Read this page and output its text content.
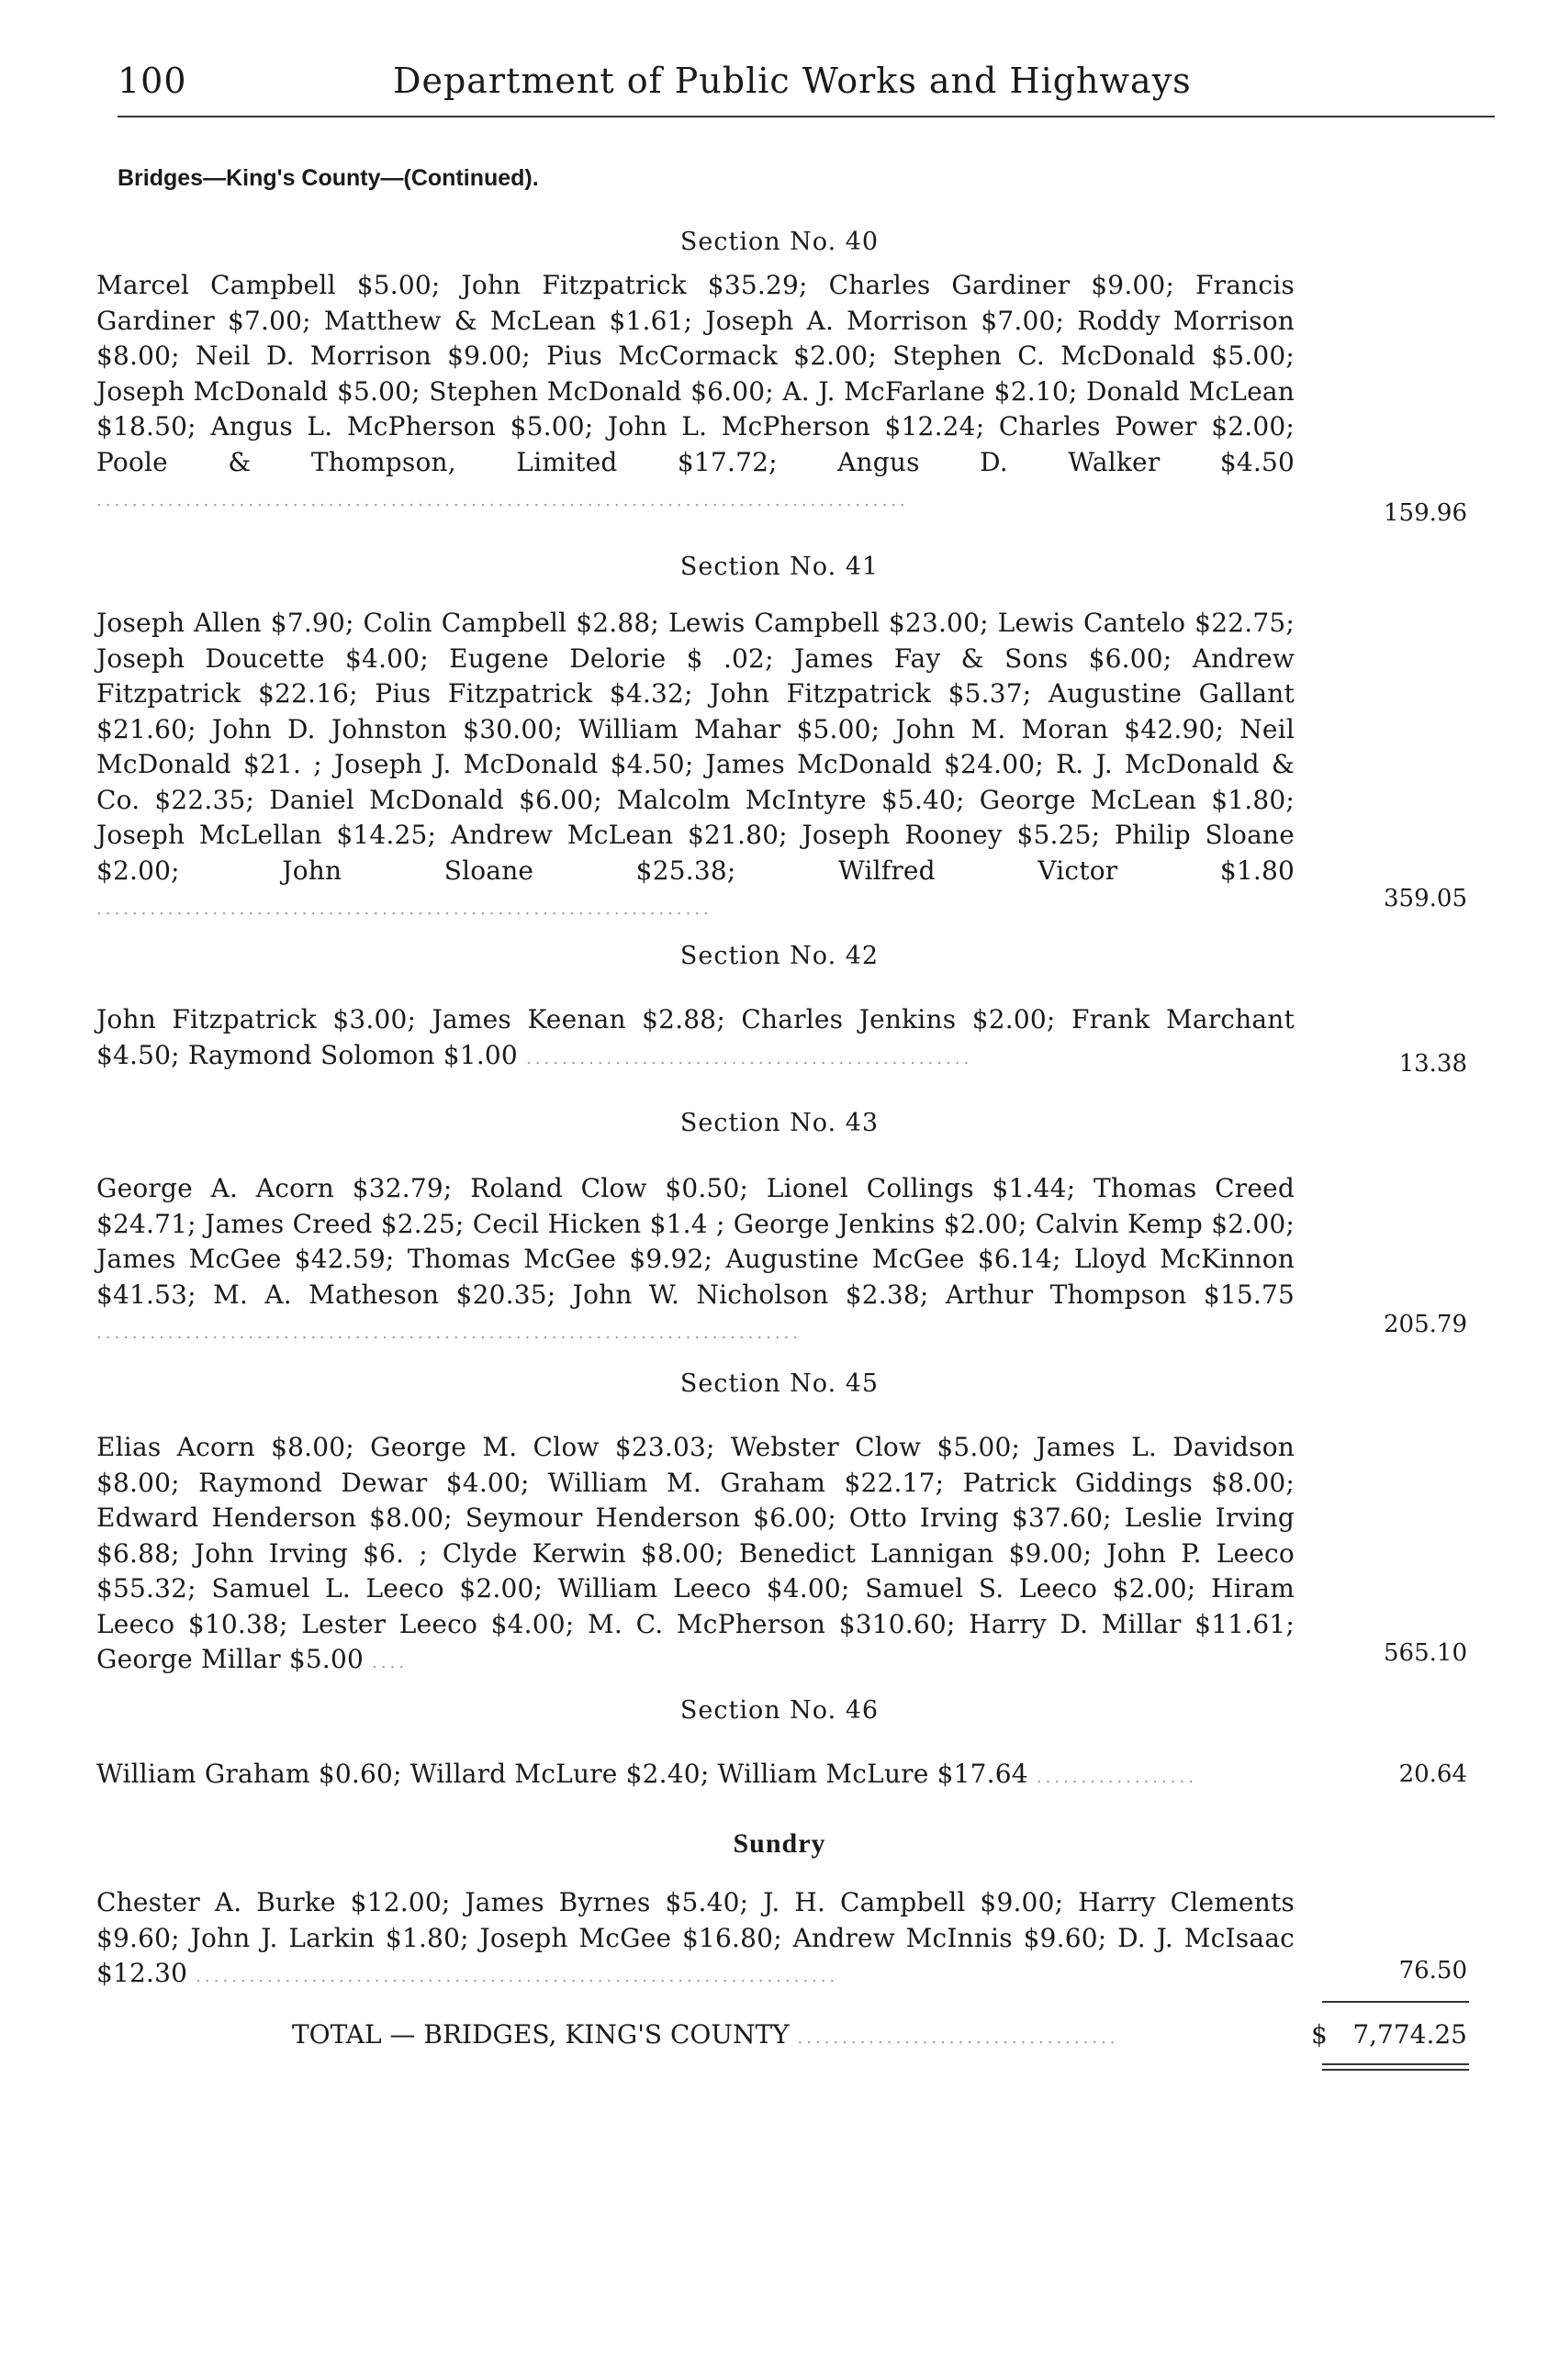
100	Department of Public Works and Highways
Bridges—King's County—(Continued).
Section No. 40
Marcel Campbell $5.00; John Fitzpatrick $35.29; Charles Gardiner $9.00; Francis Gardiner $7.00; Matthew & McLean $1.61; Joseph A. Morrison $7.00; Roddy Morrison $8.00; Neil D. Morrison $9.00; Pius McCormack $2.00; Stephen C. McDonald $5.00; Joseph McDonald $5.00; Stephen McDonald $6.00; A. J. McFarlane $2.10; Donald McLean $18.50; Angus L. McPherson $5.00; John L. McPherson $12.24; Charles Power $2.00; Poole & Thompson, Limited $17.72; Angus D. Walker $4.50 ...........................................................................................	159.96
Section No. 41
Joseph Allen $7.90; Colin Campbell $2.88; Lewis Campbell $23.00; Lewis Cantelo $22.75; Joseph Doucette $4.00; Eugene Delorie $ .02; James Fay & Sons $6.00; Andrew Fitzpatrick $22.16; Pius Fitzpatrick $4.32; John Fitzpatrick $5.37; Augustine Gallant $21.60; John D. Johnston $30.00; William Mahar $5.00; John M. Moran $42.90; Neil McDonald $21. ; Joseph J. McDonald $4.50; James McDonald $24.00; R. J. McDonald & Co. $22.35; Daniel McDonald $6.00; Malcolm McIntyre $5.40; George McLean $1.80; Joseph McLellan $14.25; Andrew McLean $21.80; Joseph Rooney $5.25; Philip Sloane $2.00; John Sloane $25.38; Wilfred Victor $1.80 .....................................................................	359.05
Section No. 42
John Fitzpatrick $3.00; James Keenan $2.88; Charles Jenkins $2.00; Frank Marchant $4.50; Raymond Solomon $1.00 ..................................................	13.38
Section No. 43
George A. Acorn $32.79; Roland Clow $0.50; Lionel Collings $1.44; Thomas Creed $24.71; James Creed $2.25; Cecil Hicken $1.4 ; George Jenkins $2.00; Calvin Kemp $2.00; James McGee $42.59; Thomas McGee $9.92; Augustine McGee $6.14; Lloyd McKinnon $41.53; M. A. Matheson $20.35; John W. Nicholson $2.38; Arthur Thompson $15.75 ...............................................................................	205.79
Section No. 45
Elias Acorn $8.00; George M. Clow $23.03; Webster Clow $5.00; James L. Davidson $8.00; Raymond Dewar $4.00; William M. Graham $22.17; Patrick Giddings $8.00; Edward Henderson $8.00; Seymour Henderson $6.00; Otto Irving $37.60; Leslie Irving $6.88; John Irving $6. ; Clyde Kerwin $8.00; Benedict Lannigan $9.00; John P. Leeco $55.32; Samuel L. Leeco $2.00; William Leeco $4.00; Samuel S. Leeco $2.00; Hiram Leeco $10.38; Lester Leeco $4.00; M. C. McPherson $310.60; Harry D. Millar $11.61; George Millar $5.00 ....	565.10
Section No. 46
William Graham $0.60; Willard McLure $2.40; William McLure $17.64 ..................	20.64
Sundry
Chester A. Burke $12.00; James Byrnes $5.40; J. H. Campbell $9.00; Harry Clements $9.60; John J. Larkin $1.80; Joseph McGee $16.80; Andrew McInnis $9.60; D. J. McIsaac $12.30 ........................................................................	76.50
TOTAL — BRIDGES, KING'S COUNTY ....................................	$ 7,774.25
